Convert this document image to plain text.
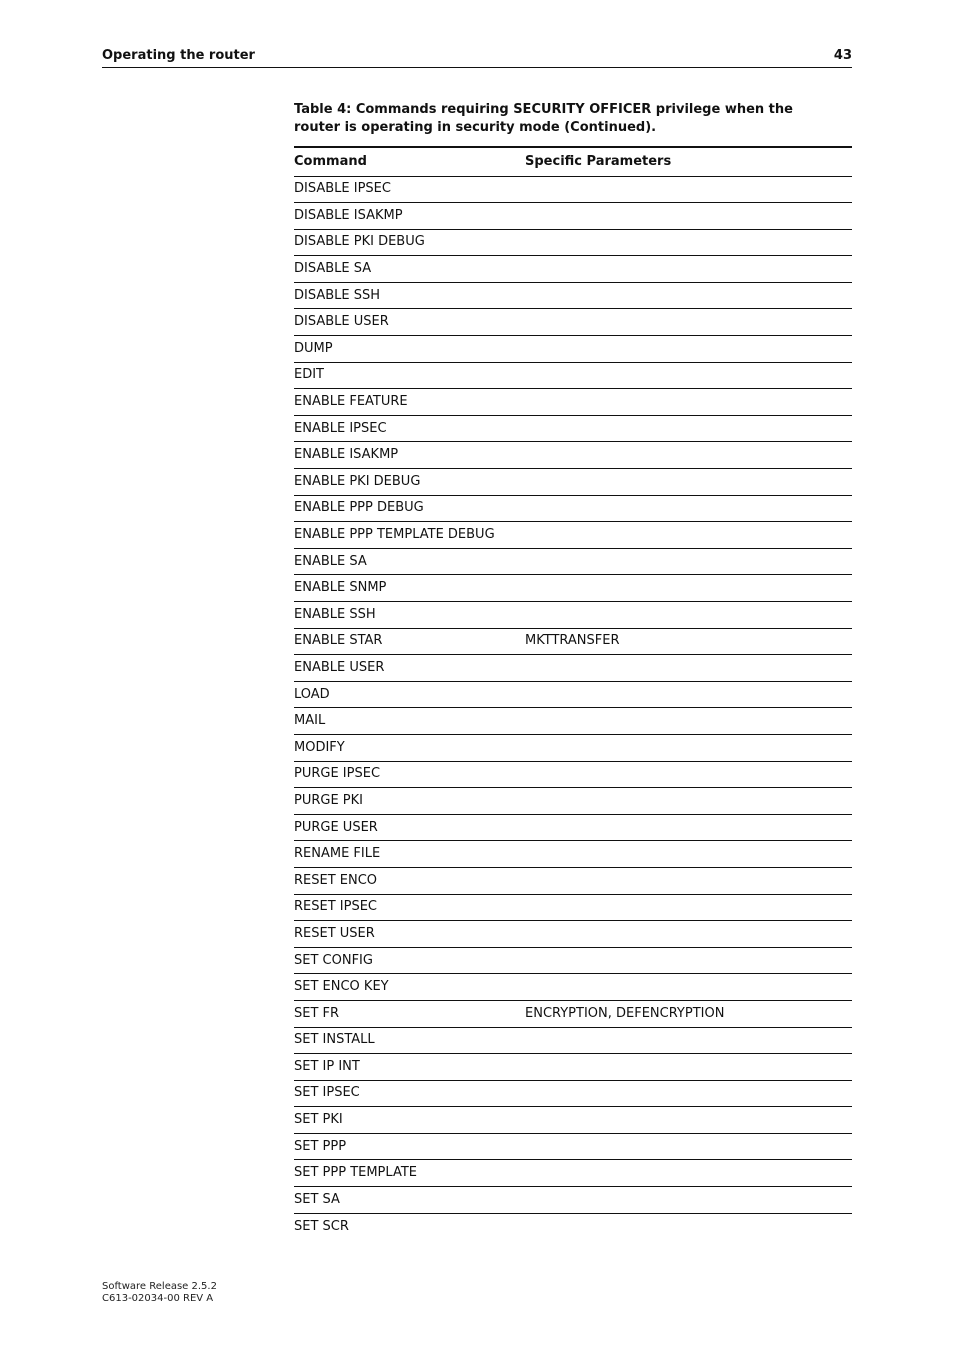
Operating the router	43
Table 4: Commands requiring SECURITY OFFICER privilege when the router is operating in security mode (Continued).
Command	Specific Parameters
DISABLE IPSEC	
DISABLE ISAKMP	
DISABLE PKI DEBUG	
DISABLE SA	
DISABLE SSH	
DISABLE USER	
DUMP	
EDIT	
ENABLE FEATURE	
ENABLE IPSEC	
ENABLE ISAKMP	
ENABLE PKI DEBUG	
ENABLE PPP DEBUG	
ENABLE PPP TEMPLATE DEBUG	
ENABLE SA	
ENABLE SNMP	
ENABLE SSH	
ENABLE STAR	MKTTRANSFER
ENABLE USER	
LOAD	
MAIL	
MODIFY	
PURGE IPSEC	
PURGE PKI	
PURGE USER	
RENAME FILE	
RESET ENCO	
RESET IPSEC	
RESET USER	
SET CONFIG	
SET ENCO KEY	
SET FR	ENCRYPTION, DEFENCRYPTION
SET INSTALL	
SET IP INT	
SET IPSEC	
SET PKI	
SET PPP	
SET PPP TEMPLATE	
SET SA	
SET SCR	
Software Release 2.5.2
C613-02034-00 REV A
